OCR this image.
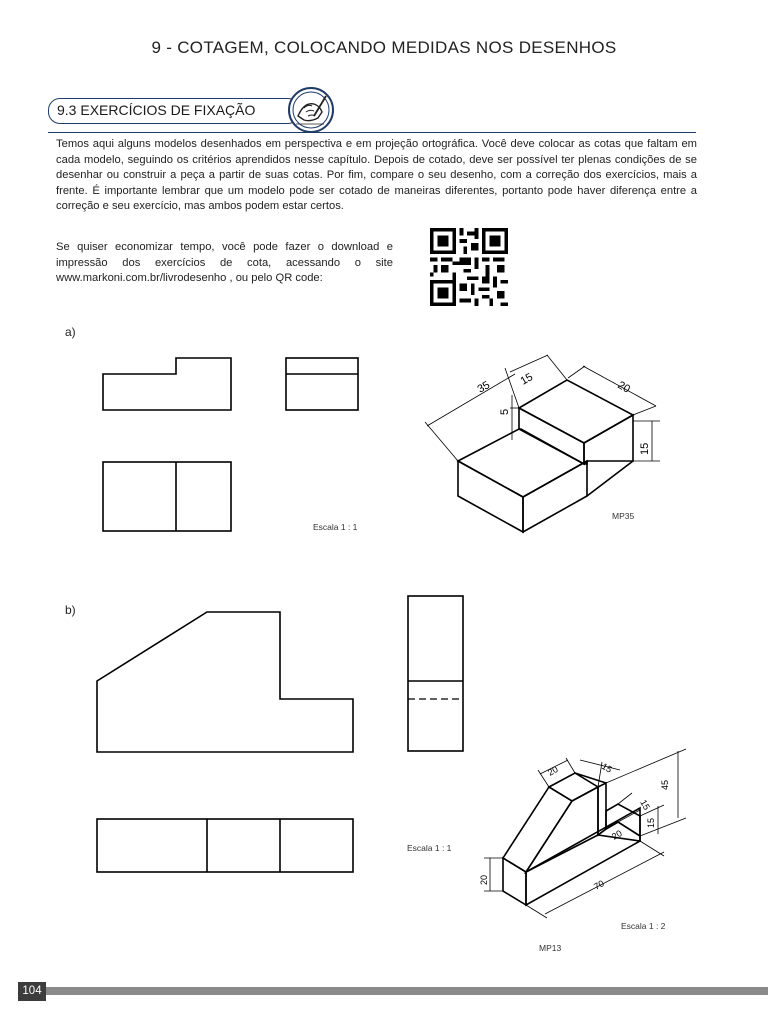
9 - COTAGEM, COLOCANDO MEDIDAS NOS DESENHOS
9.3 EXERCÍCIOS DE FIXAÇÃO

Temos aqui alguns modelos desenhados em perspectiva e em projeção ortográfica. Você deve colocar as cotas que faltam em cada modelo, seguindo os critérios aprendidos nesse capítulo. Depois de cotado, deve ser possível ter plenas condições de se desenhar ou construir a peça a partir de suas cotas. Por fim, compare o seu desenho, com a correção dos exercícios, mais a frente. É importante lembrar que um modelo pode ser cotado de maneiras diferentes, portanto pode haver diferença entre a correção e seu exercício, mas ambos podem estar certos.

Se quiser economizar tempo, você pode fazer o download e impressão dos exercícios de cota, acessando o site www.markoni.com.br/livrodesenho , ou pelo QR code:

a)
35 15	20
5
15
Escala 1 : 1
MP35
b)
20	15
45
15
15
20
70
20
Escala 1 : 1
Escala 1 : 2
MP13
104
